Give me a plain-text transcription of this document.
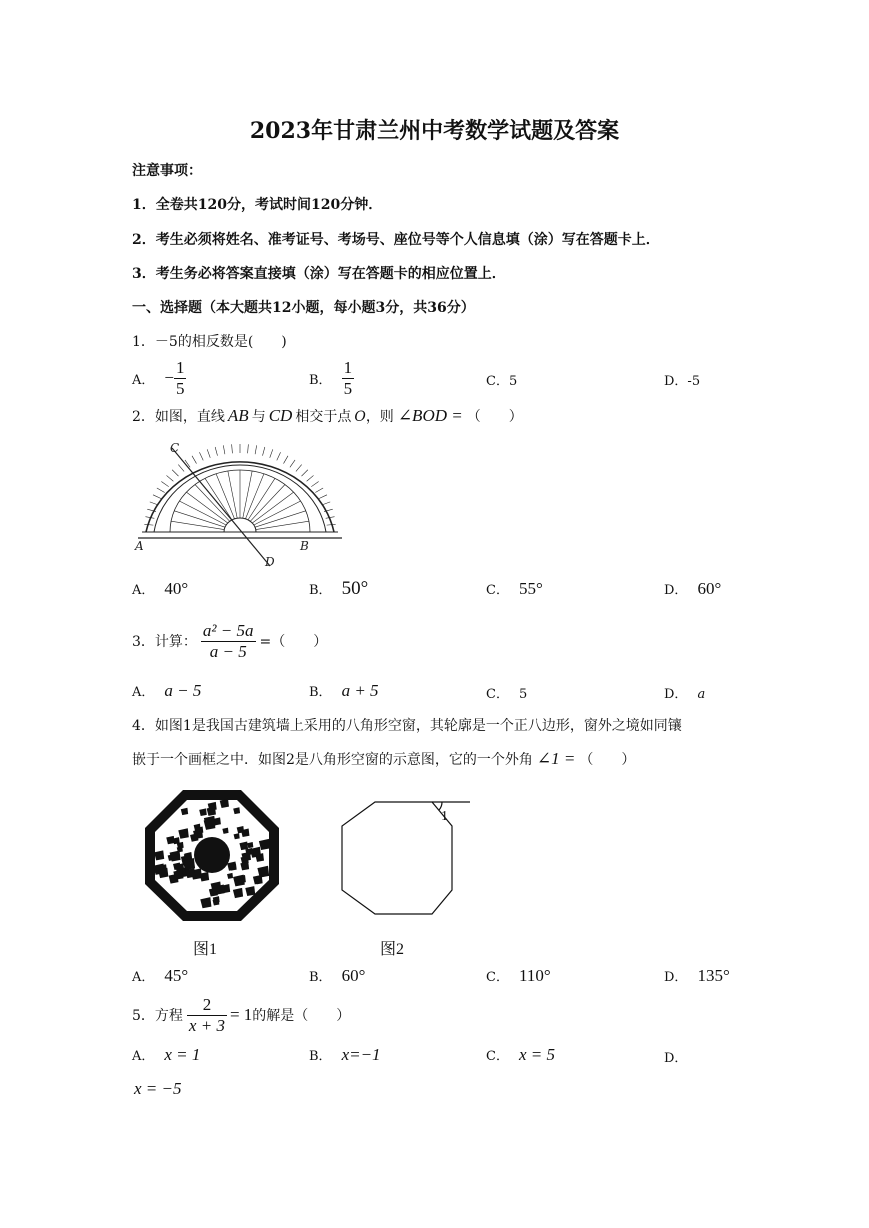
2023年甘肃兰州中考数学试题及答案
注意事项：
1．全卷共120分，考试时间120分钟．
2．考生必须将姓名、准考证号、考场号、座位号等个人信息填（涂）写在答题卡上．
3．考生务必将答案直接填（涂）写在答题卡的相应位置上．
一、选择题（本大题共12小题，每小题3分，共36分）
1．－5的相反数是(　　)
A． − $\frac{1}{5}$	B． $\frac{1}{5}$	C．5	D．-5
2．如图，直线 AB 与 CD 相交于点 O ，则 ∠BOD = （　　）
C
A	B
D
A． 40°	B． 50°	C． 55°	D． 60°
3．计算： $\frac{\text{a² − 5a}}{a - 5}$ =（　　）
A． a − 5	B． a + 5	C． 5	D． a
4．如图1是我国古建筑墙上采用的八角形空窗，其轮廓是一个正八边形，窗外之境如同镶
嵌于一个画框之中．如图2是八角形空窗的示意图，它的一个外角 ∠1 = （　　）
图1
1
图2
A． 45°	B． 60°	C． 110°	D． 135°
5．方程 $\frac{2}{x + 3} = 1$ 的解是（　　）
A． x = 1	B． x=−1	C． x = 5	D．
x = −5
